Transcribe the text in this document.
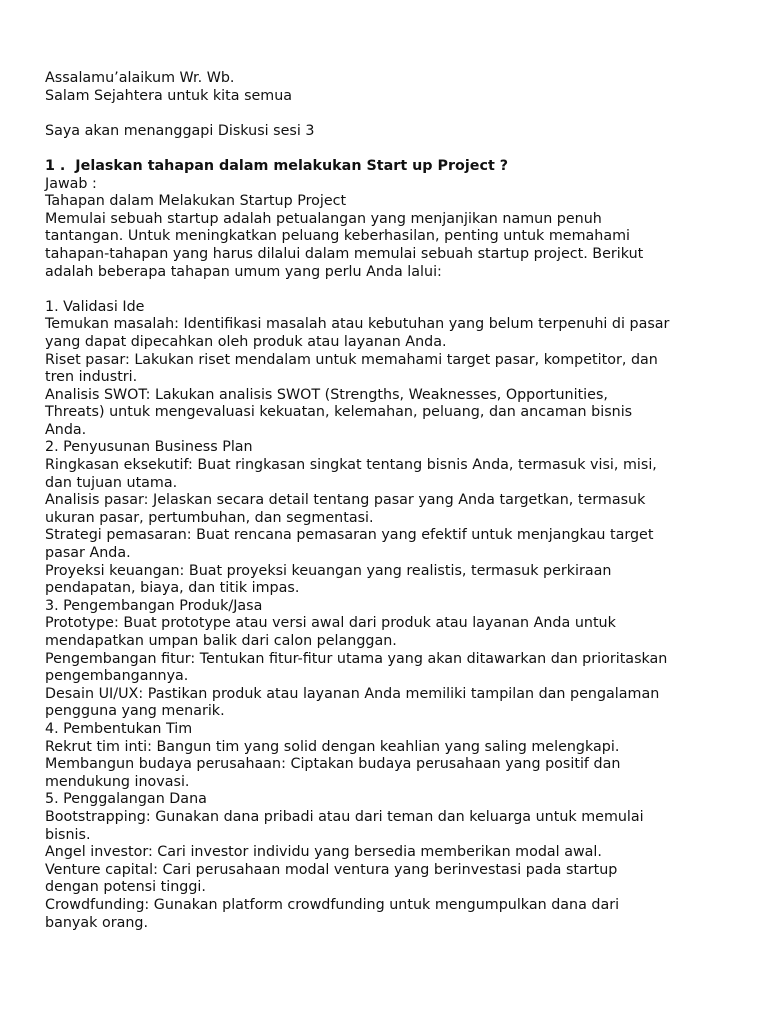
Assalamu’alaikum Wr. Wb.
Salam Sejahtera untuk kita semua
Saya akan menanggapi Diskusi sesi 3
1 .  Jelaskan tahapan dalam melakukan Start up Project ?
Jawab :
Tahapan dalam Melakukan Startup Project
Memulai sebuah startup adalah petualangan yang menjanjikan namun penuh
tantangan. Untuk meningkatkan peluang keberhasilan, penting untuk memahami
tahapan-tahapan yang harus dilalui dalam memulai sebuah startup project. Berikut
adalah beberapa tahapan umum yang perlu Anda lalui:
1. Validasi Ide
Temukan masalah: Identifikasi masalah atau kebutuhan yang belum terpenuhi di pasar
yang dapat dipecahkan oleh produk atau layanan Anda.
Riset pasar: Lakukan riset mendalam untuk memahami target pasar, kompetitor, dan
tren industri.
Analisis SWOT: Lakukan analisis SWOT (Strengths, Weaknesses, Opportunities,
Threats) untuk mengevaluasi kekuatan, kelemahan, peluang, dan ancaman bisnis
Anda.
2. Penyusunan Business Plan
Ringkasan eksekutif: Buat ringkasan singkat tentang bisnis Anda, termasuk visi, misi,
dan tujuan utama.
Analisis pasar: Jelaskan secara detail tentang pasar yang Anda targetkan, termasuk
ukuran pasar, pertumbuhan, dan segmentasi.
Strategi pemasaran: Buat rencana pemasaran yang efektif untuk menjangkau target
pasar Anda.
Proyeksi keuangan: Buat proyeksi keuangan yang realistis, termasuk perkiraan
pendapatan, biaya, dan titik impas.
3. Pengembangan Produk/Jasa
Prototype: Buat prototype atau versi awal dari produk atau layanan Anda untuk
mendapatkan umpan balik dari calon pelanggan.
Pengembangan fitur: Tentukan fitur-fitur utama yang akan ditawarkan dan prioritaskan
pengembangannya.
Desain UI/UX: Pastikan produk atau layanan Anda memiliki tampilan dan pengalaman
pengguna yang menarik.
4. Pembentukan Tim
Rekrut tim inti: Bangun tim yang solid dengan keahlian yang saling melengkapi.
Membangun budaya perusahaan: Ciptakan budaya perusahaan yang positif dan
mendukung inovasi.
5. Penggalangan Dana
Bootstrapping: Gunakan dana pribadi atau dari teman dan keluarga untuk memulai
bisnis.
Angel investor: Cari investor individu yang bersedia memberikan modal awal.
Venture capital: Cari perusahaan modal ventura yang berinvestasi pada startup
dengan potensi tinggi.
Crowdfunding: Gunakan platform crowdfunding untuk mengumpulkan dana dari
banyak orang.
